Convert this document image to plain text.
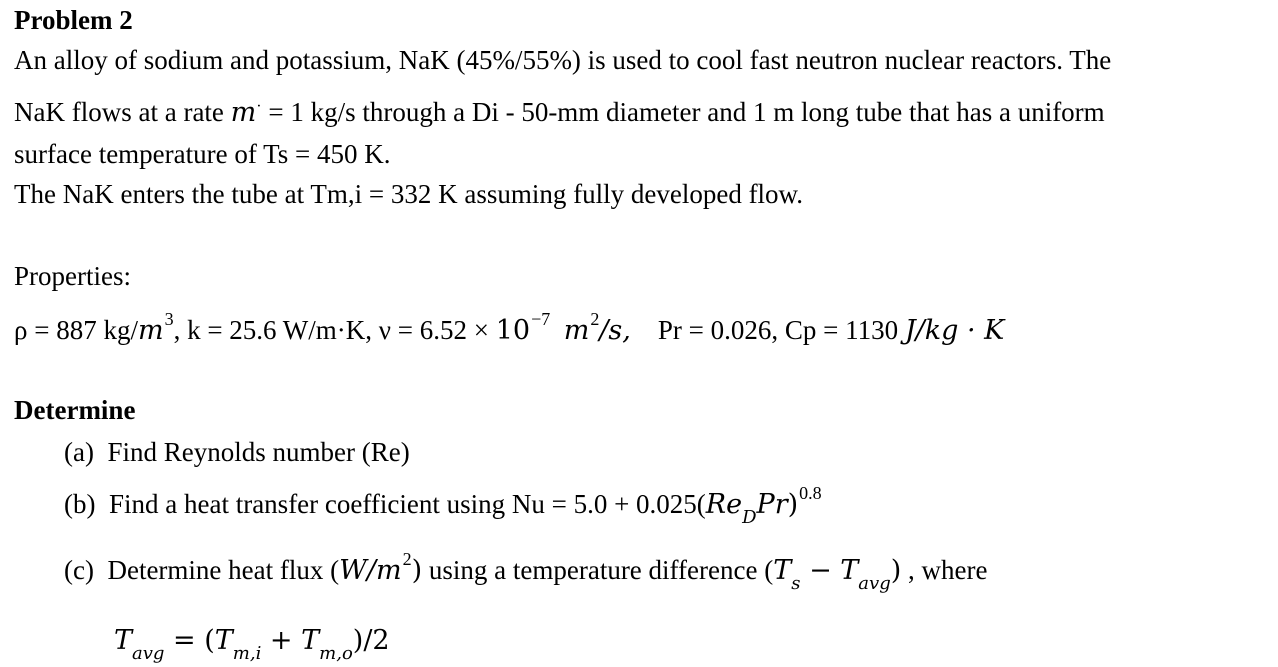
Problem 2
An alloy of sodium and potassium, NaK (45%/55%) is used to cool fast neutron nuclear reactors. The
NaK flows at a rate m· = 1 kg/s through a Di - 50-mm diameter and 1 m long tube that has a uniform
surface temperature of Ts = 450 K.
The NaK enters the tube at Tm,i = 332 K assuming fully developed flow.
Properties:
ρ = 887 $kg/m^3$, k = 25.6 W/m·K, $\nu = 6.52 \times 10^{-7}$ $m^2/s$, Pr = 0.026, Cp = 1130 J/kg · K
Determine
(a) Find Reynolds number (Re)
(b) Find a heat transfer coefficient using $Nu = 5.0 + 0.025(Re_DPr)^{0.8}$
(c) Determine heat flux $(W/m^2)$ using a temperature difference $(T_s - T_{avg})$ , where
$T_{avg} = (T_{m,i} + T_{m,o})/2$
